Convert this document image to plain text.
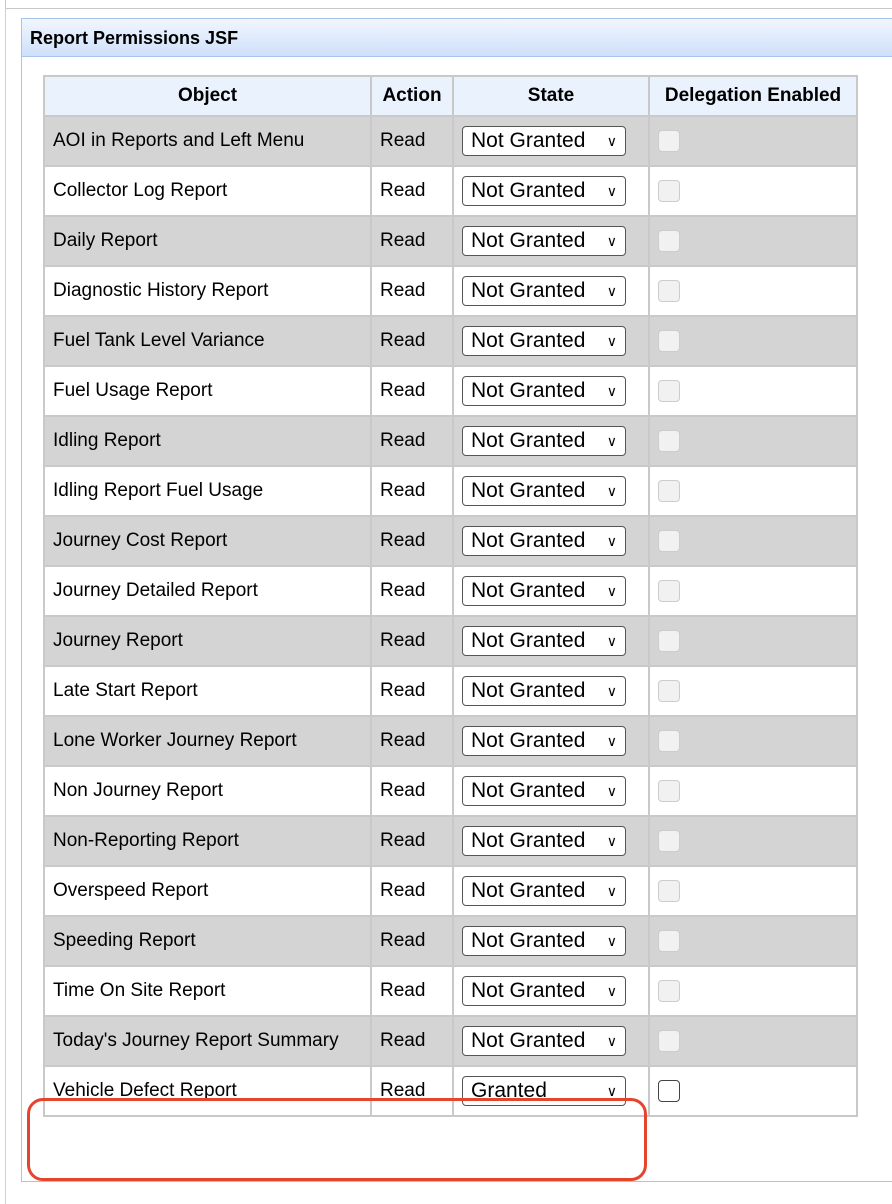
Report Permissions JSF
Object	Action	State	Delegation Enabled
AOI in Reports and Left Menu	Read	Not Granted ∨	

Collector Log Report	Read	Not Granted ∨	

Daily Report	Read	Not Granted ∨	

Diagnostic History Report	Read	Not Granted ∨	

Fuel Tank Level Variance	Read	Not Granted ∨	

Fuel Usage Report	Read	Not Granted ∨	

Idling Report	Read	Not Granted ∨	

Idling Report Fuel Usage	Read	Not Granted ∨	

Journey Cost Report	Read	Not Granted ∨	

Journey Detailed Report	Read	Not Granted ∨	

Journey Report	Read	Not Granted ∨	

Late Start Report	Read	Not Granted ∨	

Lone Worker Journey Report	Read	Not Granted ∨	

Non Journey Report	Read	Not Granted ∨	

Non-Reporting Report	Read	Not Granted ∨	

Overspeed Report	Read	Not Granted ∨	

Speeding Report	Read	Not Granted ∨	

Time On Site Report	Read	Not Granted ∨	

Today's Journey Report Summary	Read	Not Granted ∨	

Vehicle Defect Report	Read	Granted ∨	
